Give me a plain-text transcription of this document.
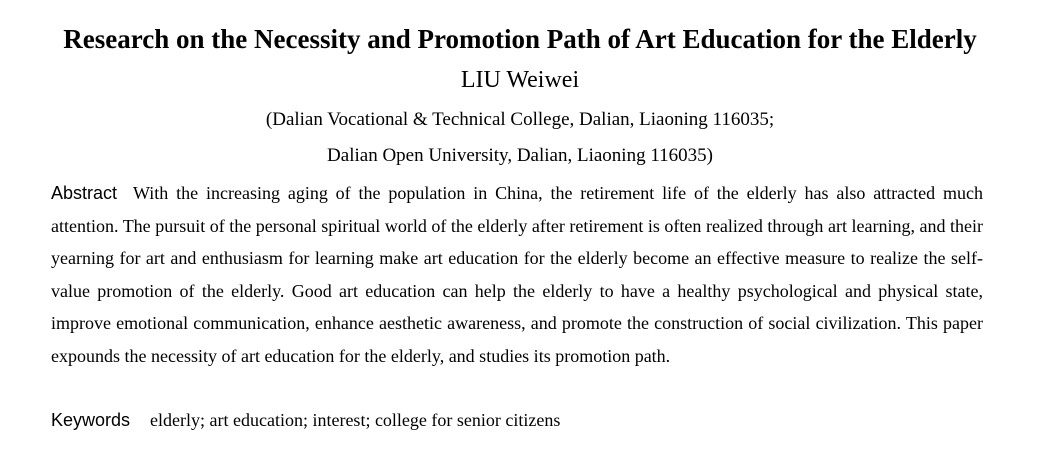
Research on the Necessity and Promotion Path of Art Education for the Elderly
LIU Weiwei
(Dalian Vocational & Technical College, Dalian, Liaoning 116035;
Dalian Open University, Dalian, Liaoning 116035)
Abstract With the increasing aging of the population in China, the retirement life of the elderly has also attracted much attention. The pursuit of the personal spiritual world of the elderly after retirement is often realized through art learning, and their yearning for art and enthusiasm for learning make art education for the elderly become an effective measure to realize the self-value promotion of the elderly. Good art education can help the elderly to have a healthy psychological and physical state, improve emotional communication, enhance aesthetic awareness, and promote the construction of social civilization. This paper expounds the necessity of art education for the elderly, and studies its promotion path.
Keywords elderly; art education; interest; college for senior citizens
